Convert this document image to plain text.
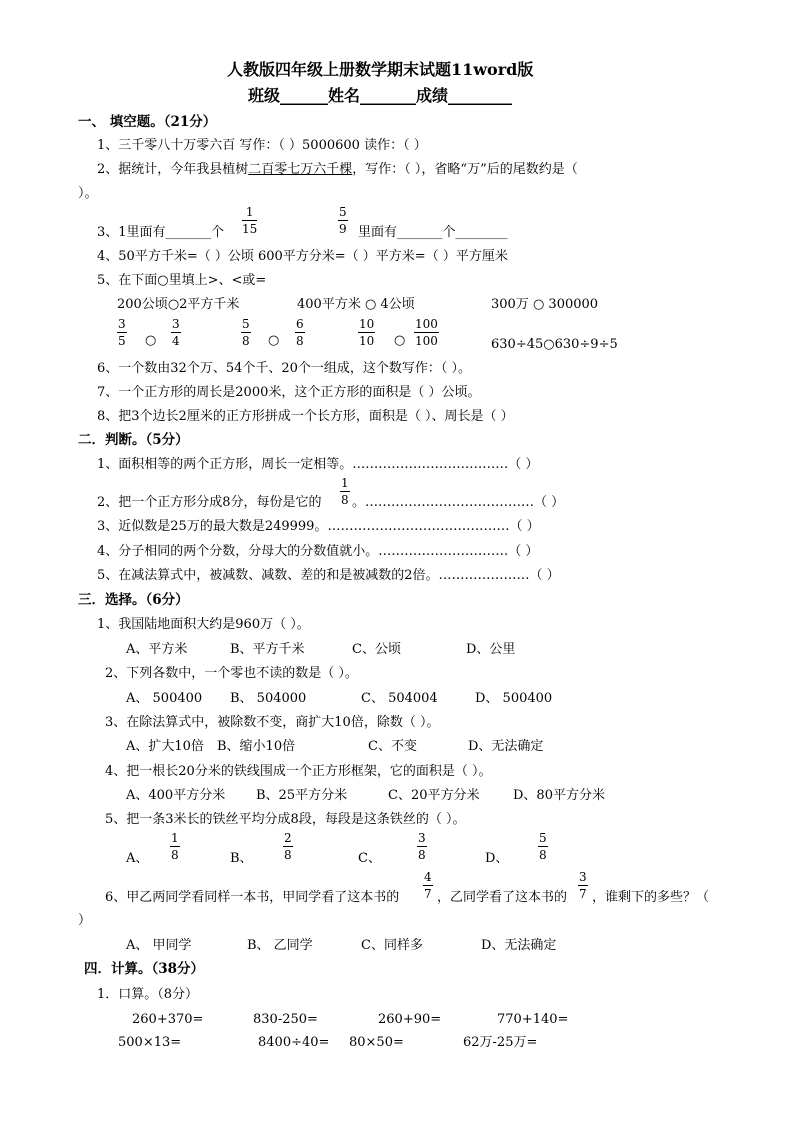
人教版四年级上册数学期末试题11word版
班级______姓名_______成绩________
一、 填空题。（21分）
1、三千零八十万零六百 写作：（ ）5000600 读作：（ ）
2、据统计，今年我县植树二百零七万六千棵，写作：（ ），省略“万”后的尾数约是（
）。
3、1里面有_______个 $\frac{1}{15}$	$\frac{5}{9}$ 里面有_______个________
4、50平方千米=（ ）公顷 600平方分米=（ ）平方米=（ ）平方厘米
5、在下面○里填上>、<或=
200公顷○2平方千米	400平方米 ○ 4公顷	300万 ○ 300000
$\frac{3}{5}$ ○ $\frac{3}{4}$	$\frac{5}{8}$ ○ $\frac{6}{8}$	$\frac{10}{10}$ ○ $\frac{100}{100}$	630÷45○630÷9÷5
6、一个数由32个万、54个千、20个一组成，这个数写作：（ ）。
7、一个正方形的周长是2000米，这个正方形的面积是（ ）公顷。
8、把3个边长2厘米的正方形拼成一个长方形，面积是（ ）、周长是（ ）
二．判断。（5分）
1、面积相等的两个正方形，周长一定相等。………………………………（ ）
2、把一个正方形分成8分，每份是它的 $\frac{1}{8}$ 。…………………………………（ ）
3、近似数是25万的最大数是249999。……………………………………（ ）
4、分子相同的两个分数，分母大的分数值就小。…………………………（ ）
5、在减法算式中，被减数、减数、差的和是被减数的2倍。…………………（ ）
三．选择。（6分）
1、我国陆地面积大约是960万（ ）。
A、平方米	B、平方千米	C、公顷	D、公里
2、下列各数中，一个零也不读的数是（ ）。
A、 500400 B、 504000	C、 504004	D、 500400
3、在除法算式中，被除数不变，商扩大10倍，除数（ ）。
A、扩大10倍 B、缩小10倍	C、不变	D、无法确定
4、把一根长20分米的铁线围成一个正方形框架，它的面积是（ ）。
A、400平方分米 B、25平方分米	C、20平方分米	D、80平方分米
5、把一条3米长的铁丝平均分成8段，每段是这条铁丝的（ ）。
A、 $\frac{1}{8}$	B、	$\frac{2}{8}$	C、	$\frac{3}{8}$	D、 $\frac{5}{8}$
6、甲乙两同学看同样一本书，甲同学看了这本书的 $\frac{4}{7}$ ，乙同学看了这本书的 $\frac{3}{7}$ ，谁剩下的多些？（
）
A、 甲同学	B、 乙同学	C、同样多	D、无法确定
四．计算。（38分）
1．口算。（8分）
260+370=	830-250=	260+90=	770+140=
500×13=	8400÷40= 80×50=	62万-25万=
